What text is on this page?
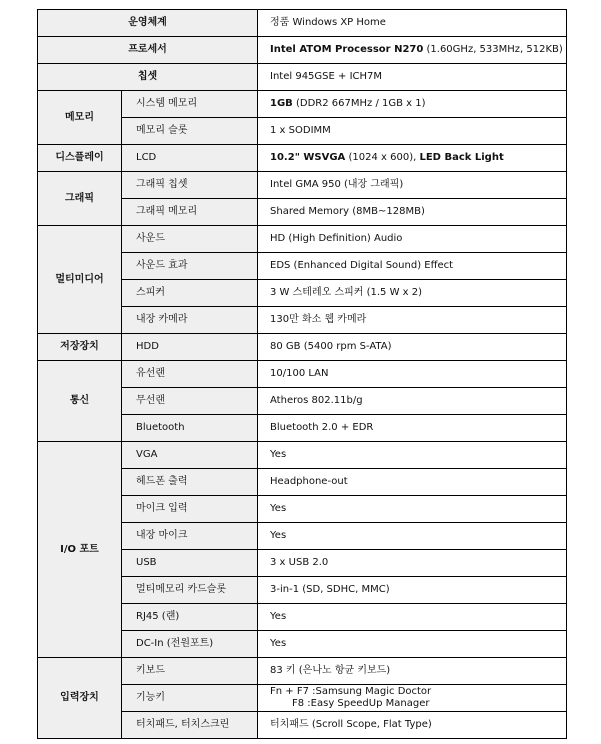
운영체계		정품 Windows XP Home
프로세서		Intel ATOM Processor N270 (1.60GHz, 533MHz, 512KB)
칩셋		Intel 945GSE + ICH7M
메모리	시스템 메모리	1GB (DDR2 667MHz / 1GB x 1)
	메모리 슬롯	1 x SODIMM
디스플레이	LCD	10.2" WSVGA (1024 x 600), LED Back Light
그래픽	그래픽 칩셋	Intel GMA 950 (내장 그래픽)
	그래픽 메모리	Shared Memory (8MB~128MB)
멀티미디어	사운드	HD (High Definition) Audio
	사운드 효과	EDS (Enhanced Digital Sound) Effect
	스피커	3 W 스테레오 스피커 (1.5 W x 2)
	내장 카메라	130만 화소 웹 카메라
저장장치	HDD	80 GB (5400 rpm S-ATA)
통신	유선랜	10/100 LAN
	무선랜	Atheros 802.11b/g
	Bluetooth	Bluetooth 2.0 + EDR
I/O 포트	VGA	Yes
	헤드폰 출력	Headphone-out
	마이크 입력	Yes
	내장 마이크	Yes
	USB	3 x USB 2.0
	멀티메모리 카드슬롯	3-in-1 (SD, SDHC, MMC)
	RJ45 (랜)	Yes
	DC-In (전원포트)	Yes
입력장치	키보드	83 키 (은나노 항균 키보드)
	기능키	Fn + F7 :Samsung Magic Doctor
F8 :Easy SpeedUp Manager

	터치패드, 터치스크린	터치패드 (Scroll Scope, Flat Type)
